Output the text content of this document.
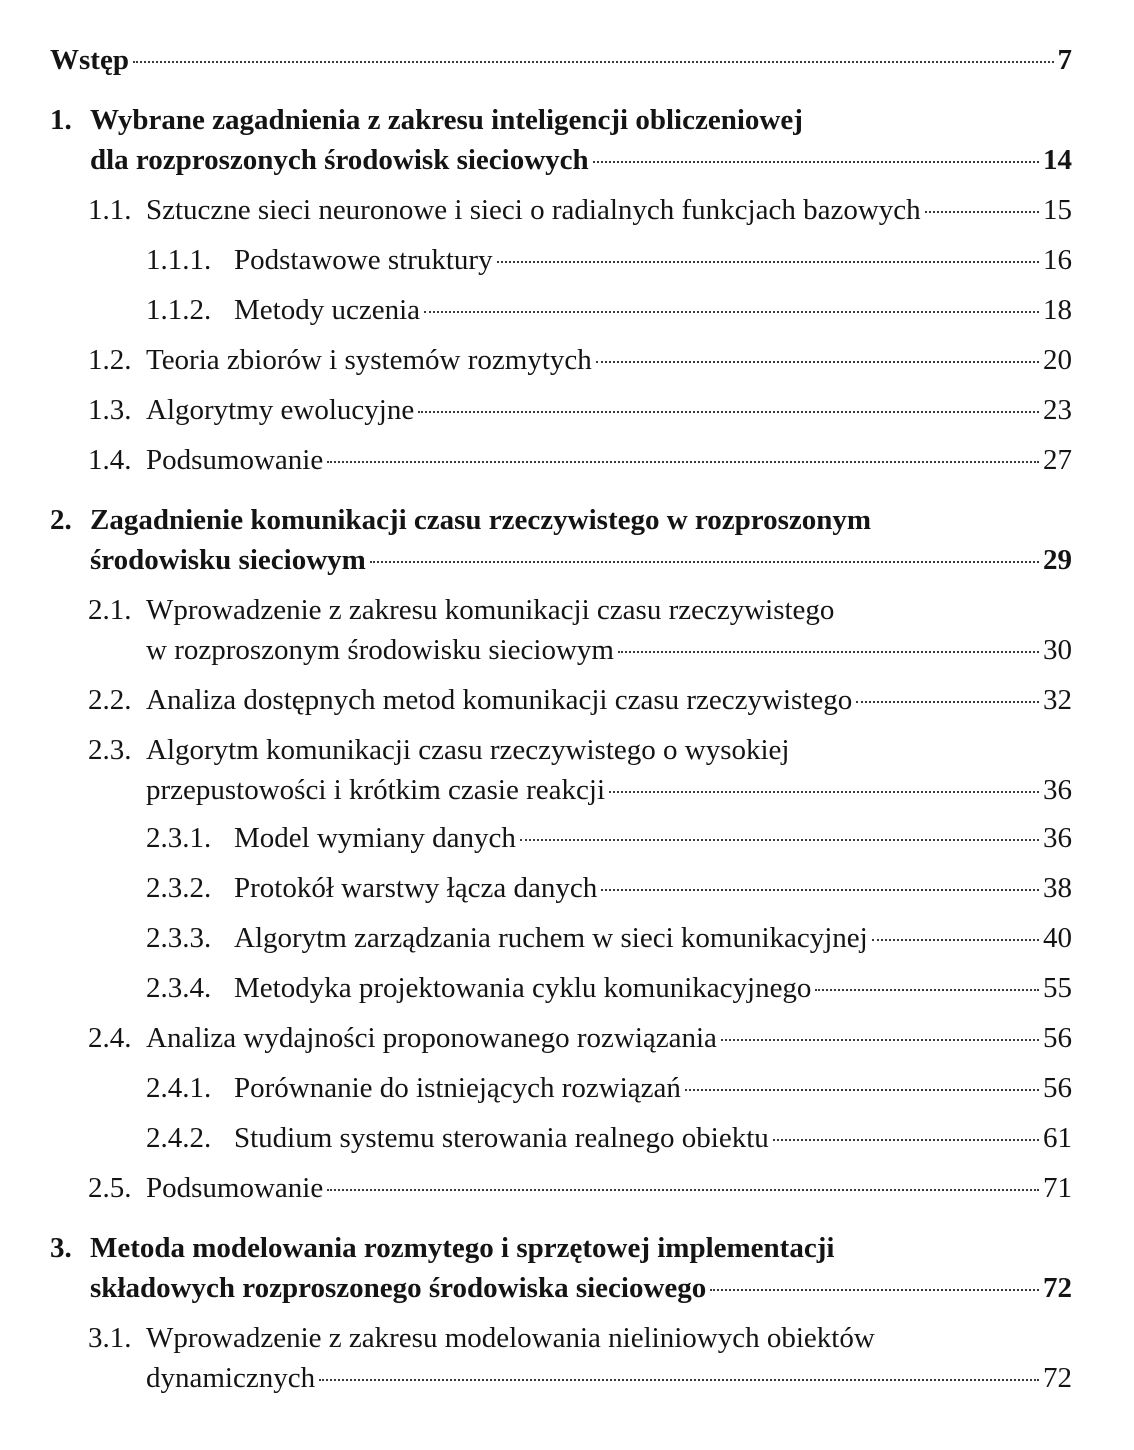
Wstęp	7
1. Wybrane zagadnienia z zakresu inteligencji obliczeniowej
dla rozproszonych środowisk sieciowych	14
1.1. Sztuczne sieci neuronowe i sieci o radialnych funkcjach bazowych	15
1.1.1. Podstawowe struktury	16
1.1.2. Metody uczenia	18
1.2. Teoria zbiorów i systemów rozmytych	20
1.3. Algorytmy ewolucyjne	23
1.4. Podsumowanie	27
2. Zagadnienie komunikacji czasu rzeczywistego w rozproszonym
środowisku sieciowym	29
2.1. Wprowadzenie z zakresu komunikacji czasu rzeczywistego
w rozproszonym środowisku sieciowym	30
2.2. Analiza dostępnych metod komunikacji czasu rzeczywistego	32
2.3. Algorytm komunikacji czasu rzeczywistego o wysokiej
przepustowości i krótkim czasie reakcji	36
2.3.1. Model wymiany danych	36
2.3.2. Protokół warstwy łącza danych	38
2.3.3. Algorytm zarządzania ruchem w sieci komunikacyjnej	40
2.3.4. Metodyka projektowania cyklu komunikacyjnego	55
2.4. Analiza wydajności proponowanego rozwiązania	56
2.4.1. Porównanie do istniejących rozwiązań	56
2.4.2. Studium systemu sterowania realnego obiektu	61
2.5. Podsumowanie	71
3. Metoda modelowania rozmytego i sprzętowej implementacji
składowych rozproszonego środowiska sieciowego	72
3.1. Wprowadzenie z zakresu modelowania nieliniowych obiektów
dynamicznych	72
